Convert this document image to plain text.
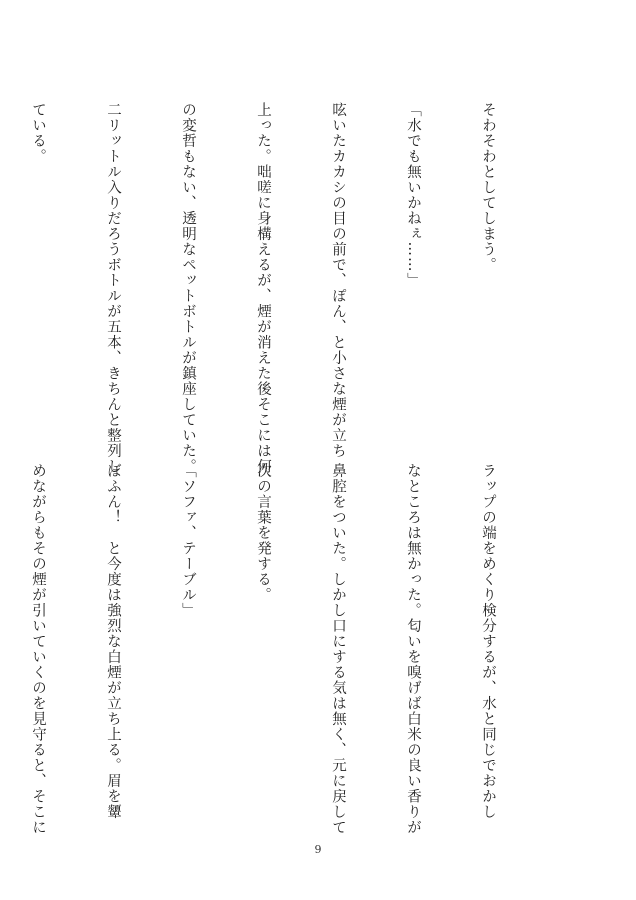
そわそわとしてしまう。

「水でも無いかねぇ……」

呟いたカカシの目の前で、ぽん、と小さな煙が立ち

上った。咄嗟に身構えるが、煙が消えた後そこには何

の変哲もない、透明なペットボトルが鎮座していた。

二リットル入りだろうボトルが五本、きちんと整列し

ている。

ラップの端をめくり検分するが、水と同じでおかし

なところは無かった。匂いを嗅げば白米の良い香りが

鼻腔をついた。しかし口にする気は無く、元に戻して

次の言葉を発する。

「ソファ、テーブル」

ぼふん！　と今度は強烈な白煙が立ち上る。眉を顰

めながらもその煙が引いていくのを見守ると、そこに

9
